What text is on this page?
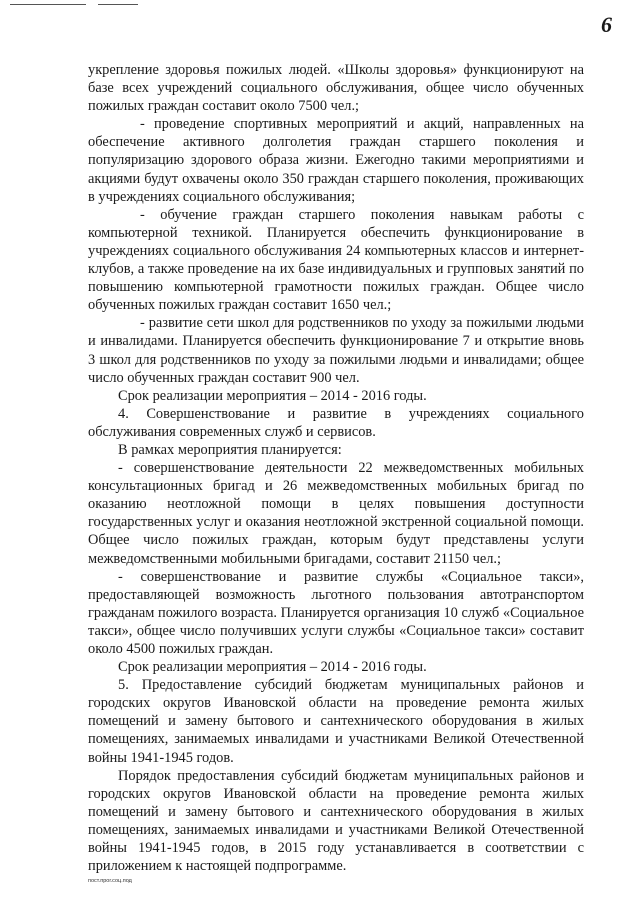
6

укрепление здоровья пожилых людей. «Школы здоровья» функционируют на базе всех учреждений социального обслуживания, общее число обученных пожилых граждан составит около 7500 чел.;

- проведение спортивных мероприятий и акций, направленных на обеспечение активного долголетия граждан старшего поколения и популяризацию здорового образа жизни. Ежегодно такими мероприятиями и акциями будут охвачены около 350 граждан старшего поколения, проживающих в учреждениях социального обслуживания;

- обучение граждан старшего поколения навыкам работы с компьютерной техникой. Планируется обеспечить функционирование в учреждениях социального обслуживания 24 компьютерных классов и интернет-клубов, а также проведение на их базе индивидуальных и групповых занятий по повышению компьютерной грамотности пожилых граждан. Общее число обученных пожилых граждан составит 1650 чел.;

- развитие сети школ для родственников по уходу за пожилыми людьми и инвалидами. Планируется обеспечить функционирование 7 и открытие вновь 3 школ для родственников по уходу за пожилыми людьми и инвалидами; общее число обученных граждан составит 900 чел.

Срок реализации мероприятия – 2014 - 2016 годы.

4. Совершенствование и развитие в учреждениях социального обслуживания современных служб и сервисов.

В рамках мероприятия планируется:

- совершенствование деятельности 22 межведомственных мобильных консультационных бригад и 26 межведомственных мобильных бригад по оказанию неотложной помощи в целях повышения доступности государственных услуг и оказания неотложной экстренной социальной помощи. Общее число пожилых граждан, которым будут представлены услуги межведомственными мобильными бригадами, составит 21150 чел.;

- совершенствование и развитие службы «Социальное такси», предоставляющей возможность льготного пользования автотранспортом гражданам пожилого возраста. Планируется организация 10 служб «Социальное такси», общее число получивших услуги службы «Социальное такси» составит около 4500 пожилых граждан.

Срок реализации мероприятия – 2014 - 2016 годы.

5. Предоставление субсидий бюджетам муниципальных районов и городских округов Ивановской области на проведение ремонта жилых помещений и замену бытового и сантехнического оборудования в жилых помещениях, занимаемых инвалидами и участниками Великой Отечественной войны 1941-1945 годов.

Порядок предоставления субсидий бюджетам муниципальных районов и городских округов Ивановской области на проведение ремонта жилых помещений и замену бытового и сантехнического оборудования в жилых помещениях, занимаемых инвалидами и участниками Великой Отечественной войны 1941-1945 годов, в 2015 году устанавливается в соответствии с приложением к настоящей подпрограмме.

пост.прог.соц.под
